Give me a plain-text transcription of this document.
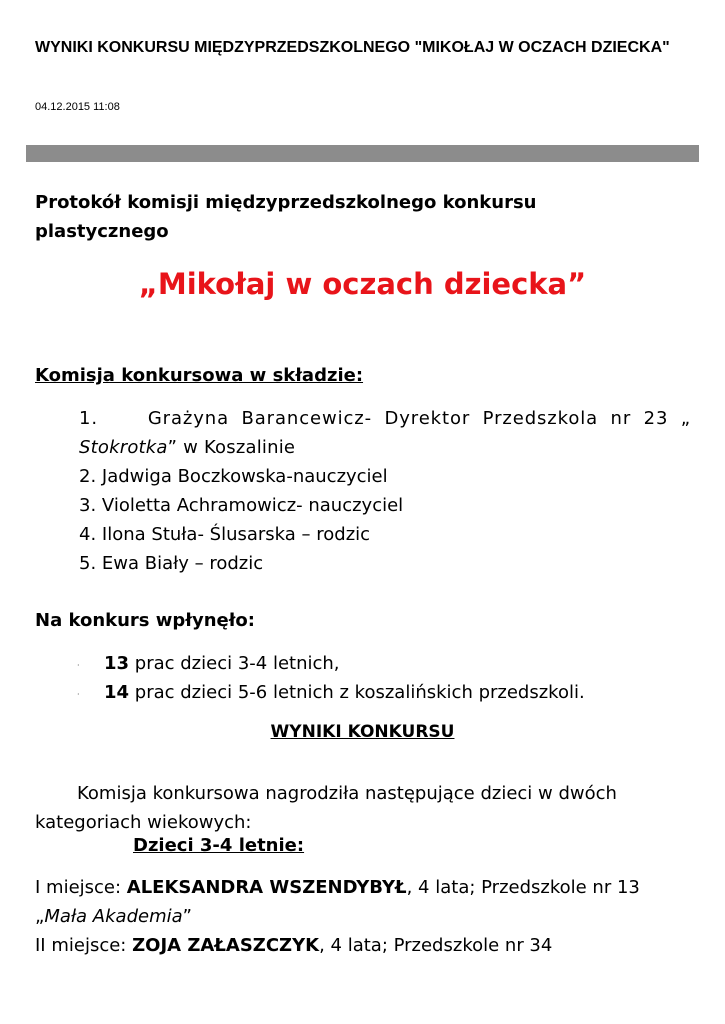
WYNIKI KONKURSU MIĘDZYPRZEDSZKOLNEGO "MIKOŁAJ W OCZACH DZIECKA"
04.12.2015 11:08

Protokół komisji międzyprzedszkolnego konkursu plastycznego

„Mikołaj w oczach dziecka”
Komisja konkursowa w składzie:
1.	Grażyna Barancewicz- Dyrektor Przedszkola nr 23 „
Stokrotka” w Koszalinie
2. Jadwiga Boczkowska-nauczyciel
3. Violetta Achramowicz- nauczyciel
4. Ilona Stuła- Ślusarska – rodzic
5. Ewa Biały – rodzic
Na konkurs wpłynęło:
· 13 prac dzieci 3-4 letnich,
· 14 prac dzieci 5-6 letnich z koszalińskich przedszkoli.
WYNIKI KONKURSU

Komisja konkursowa nagrodziła następujące dzieci w dwóch kategoriach wiekowych:

Dzieci 3-4 letnie:
I miejsce: ALEKSANDRA WSZENDYBYŁ, 4 lata; Przedszkole nr 13 „Mała Akademia”
II miejsce: ZOJA ZAŁASZCZYK, 4 lata; Przedszkole nr 34
